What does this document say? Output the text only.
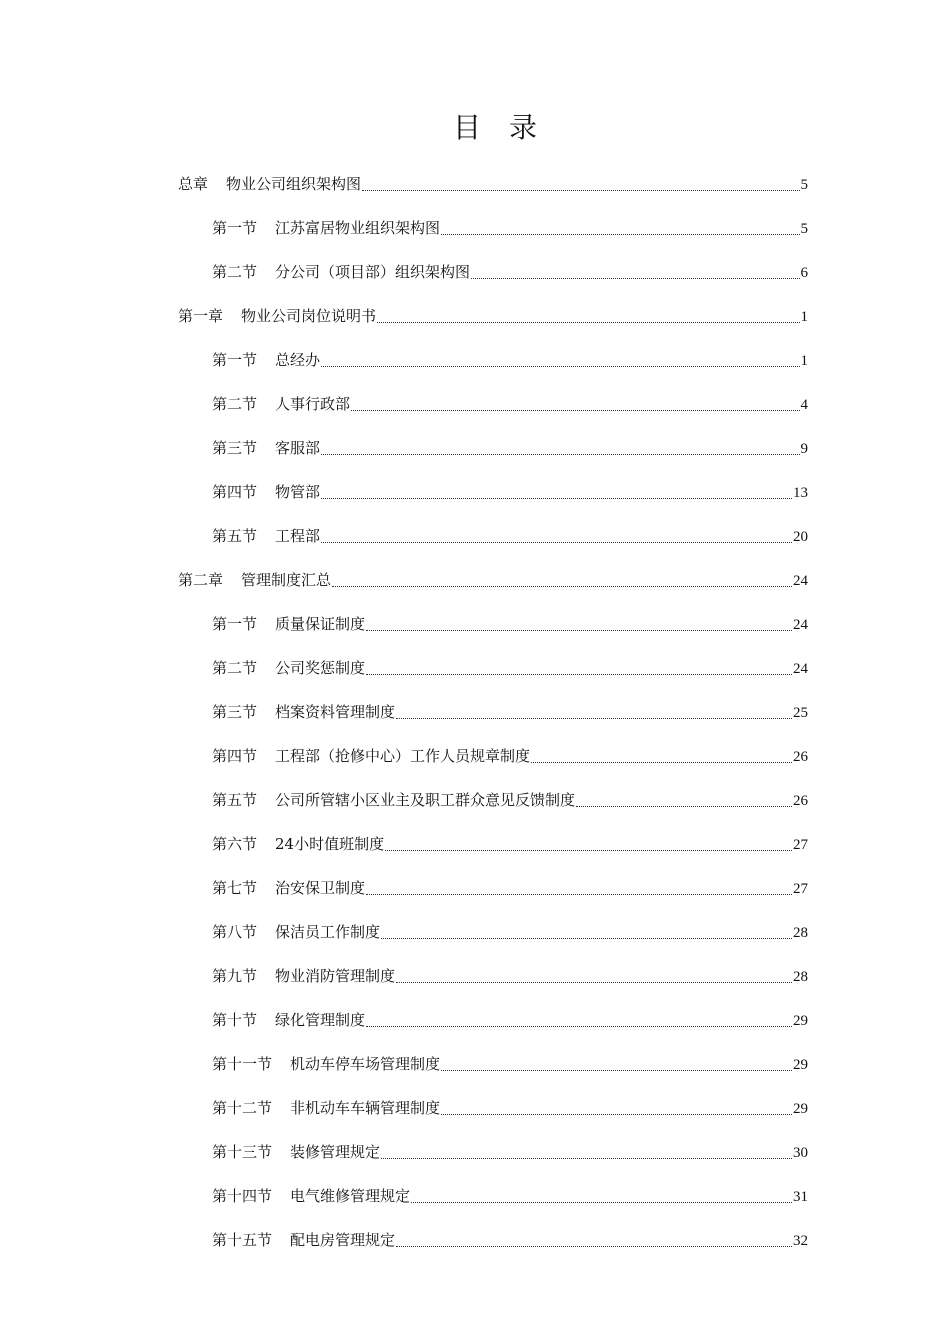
目　录
总章 物业公司组织架构图	5
第一节 江苏富居物业组织架构图	5
第二节 分公司（项目部）组织架构图	6
第一章 物业公司岗位说明书	1
第一节 总经办	1
第二节 人事行政部	4
第三节 客服部	9
第四节 物管部	13
第五节 工程部	20
第二章 管理制度汇总	24
第一节 质量保证制度	24
第二节 公司奖惩制度	24
第三节 档案资料管理制度	25
第四节 工程部（抢修中心）工作人员规章制度	26
第五节 公司所管辖小区业主及职工群众意见反馈制度	26
第六节 24小时值班制度	27
第七节 治安保卫制度	27
第八节 保洁员工作制度	28
第九节 物业消防管理制度	28
第十节 绿化管理制度	29
第十一节 机动车停车场管理制度	29
第十二节 非机动车车辆管理制度	29
第十三节 装修管理规定	30
第十四节 电气维修管理规定	31
第十五节 配电房管理规定	32
